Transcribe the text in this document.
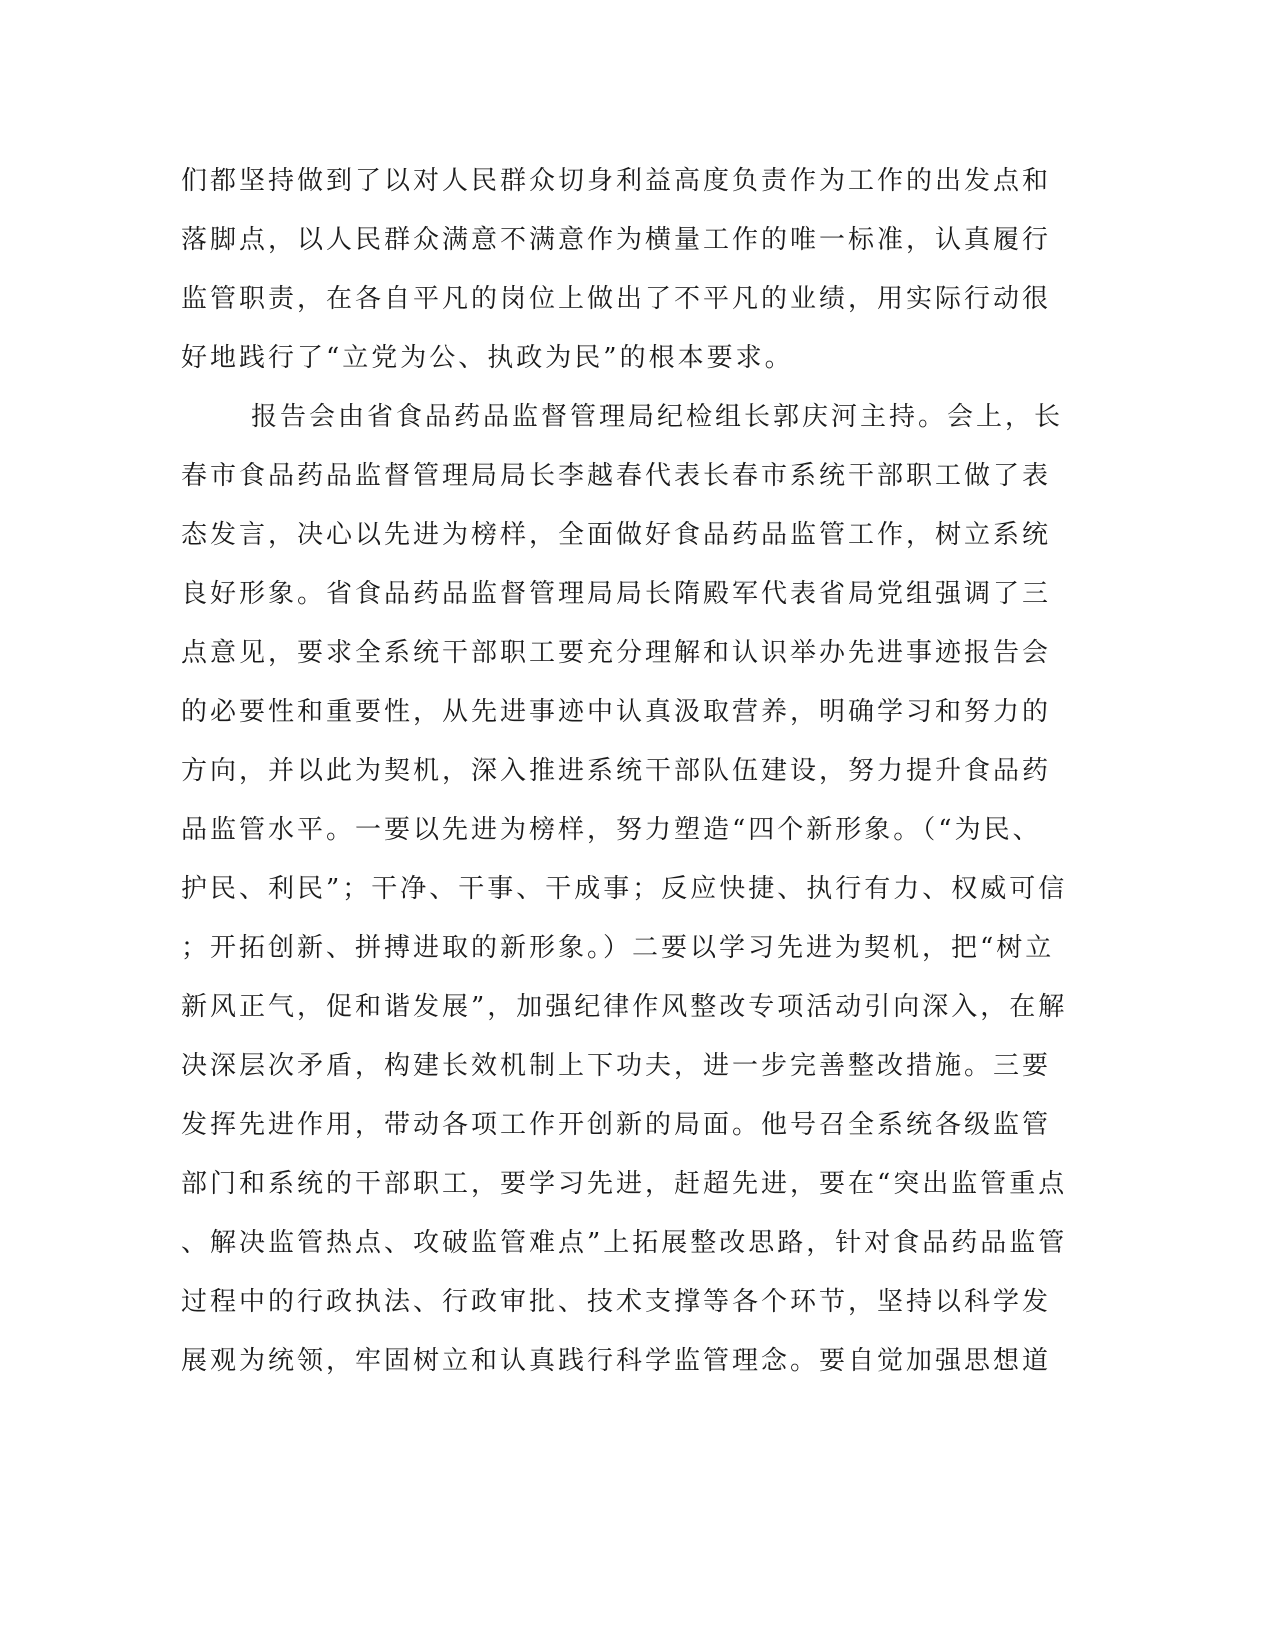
们都坚持做到了以对人民群众切身利益高度负责作为工作的出发点和
落脚点，以人民群众满意不满意作为横量工作的唯一标准，认真履行
监管职责，在各自平凡的岗位上做出了不平凡的业绩，用实际行动很
好地践行了“立党为公、执政为民”的根本要求。
报告会由省食品药品监督管理局纪检组长郭庆河主持。会上，长
春市食品药品监督管理局局长李越春代表长春市系统干部职工做了表
态发言，决心以先进为榜样，全面做好食品药品监管工作，树立系统
良好形象。省食品药品监督管理局局长隋殿军代表省局党组强调了三
点意见，要求全系统干部职工要充分理解和认识举办先进事迹报告会
的必要性和重要性，从先进事迹中认真汲取营养，明确学习和努力的
方向，并以此为契机，深入推进系统干部队伍建设，努力提升食品药
品监管水平。一要以先进为榜样，努力塑造“四个新形象。（“为民、
护民、利民”；干净、干事、干成事；反应快捷、执行有力、权威可信
；开拓创新、拼搏进取的新形象。）二要以学习先进为契机，把“树立
新风正气，促和谐发展”，加强纪律作风整改专项活动引向深入，在解
决深层次矛盾，构建长效机制上下功夫，进一步完善整改措施。三要
发挥先进作用，带动各项工作开创新的局面。他号召全系统各级监管
部门和系统的干部职工，要学习先进，赶超先进，要在“突出监管重点
、解决监管热点、攻破监管难点”上拓展整改思路，针对食品药品监管
过程中的行政执法、行政审批、技术支撑等各个环节，坚持以科学发
展观为统领，牢固树立和认真践行科学监管理念。要自觉加强思想道
